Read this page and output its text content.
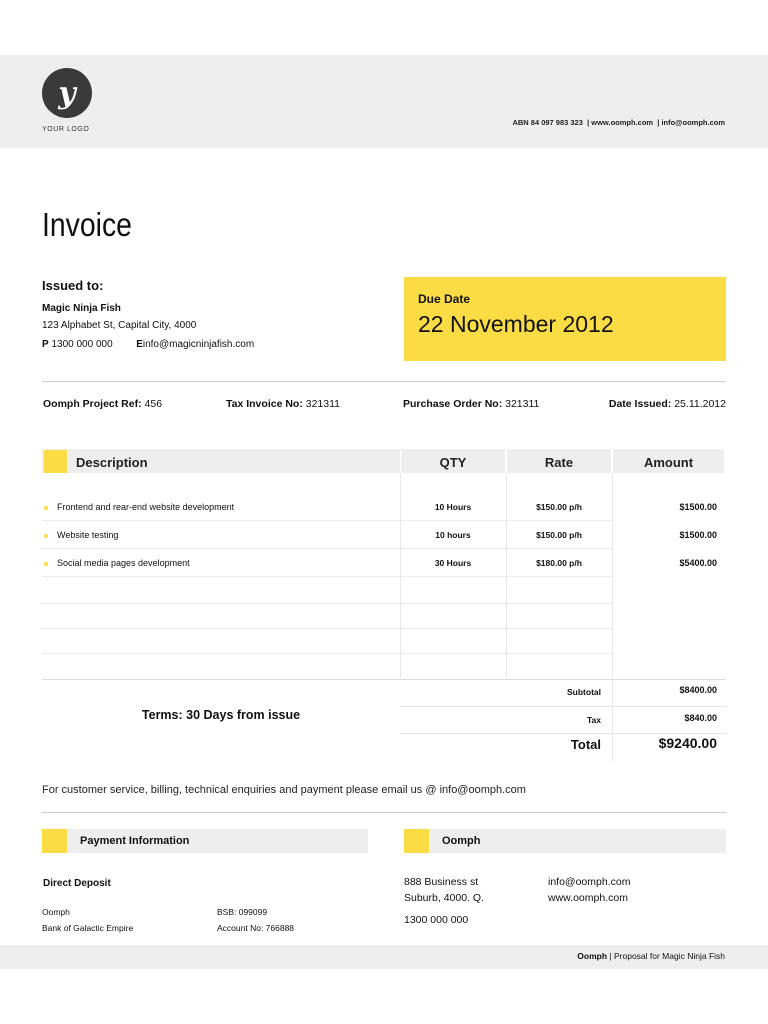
y
YOUR LOGO
ABN 84 097 983 323  | www.oomph.com  | info@oomph.com
Invoice
Issued to:
Magic Ninja Fish
123 Alphabet St, Capital City, 4000
P 1300 000 000 Einfo@magicninjafish.com
Due Date
22 November 2012
Oomph Project Ref: 456	Tax Invoice No: 321311	Purchase Order No: 321311	Date Issued: 25.11.2012
Description	QTY	Rate	Amount
Frontend and rear-end website development	10 Hours	$150.00 p/h	$1500.00
Website testing	10 hours	$150.00 p/h	$1500.00
Social media pages development	30 Hours	$180.00 p/h	$5400.00
Terms: 30 Days from issue
Subtotal	$8400.00
Tax	$840.00
Total	$9240.00
For customer service, billing, technical enquiries and payment please email us @ info@oomph.com
Payment Information
Direct Deposit
Oomph
Bank of Galactic Empire
BSB: 099099
Account No: 766888
Oomph
888 Business st
Suburb, 4000. Q.
1300 000 000
info@oomph.com
www.oomph.com
Oomph | Proposal for Magic Ninja Fish
